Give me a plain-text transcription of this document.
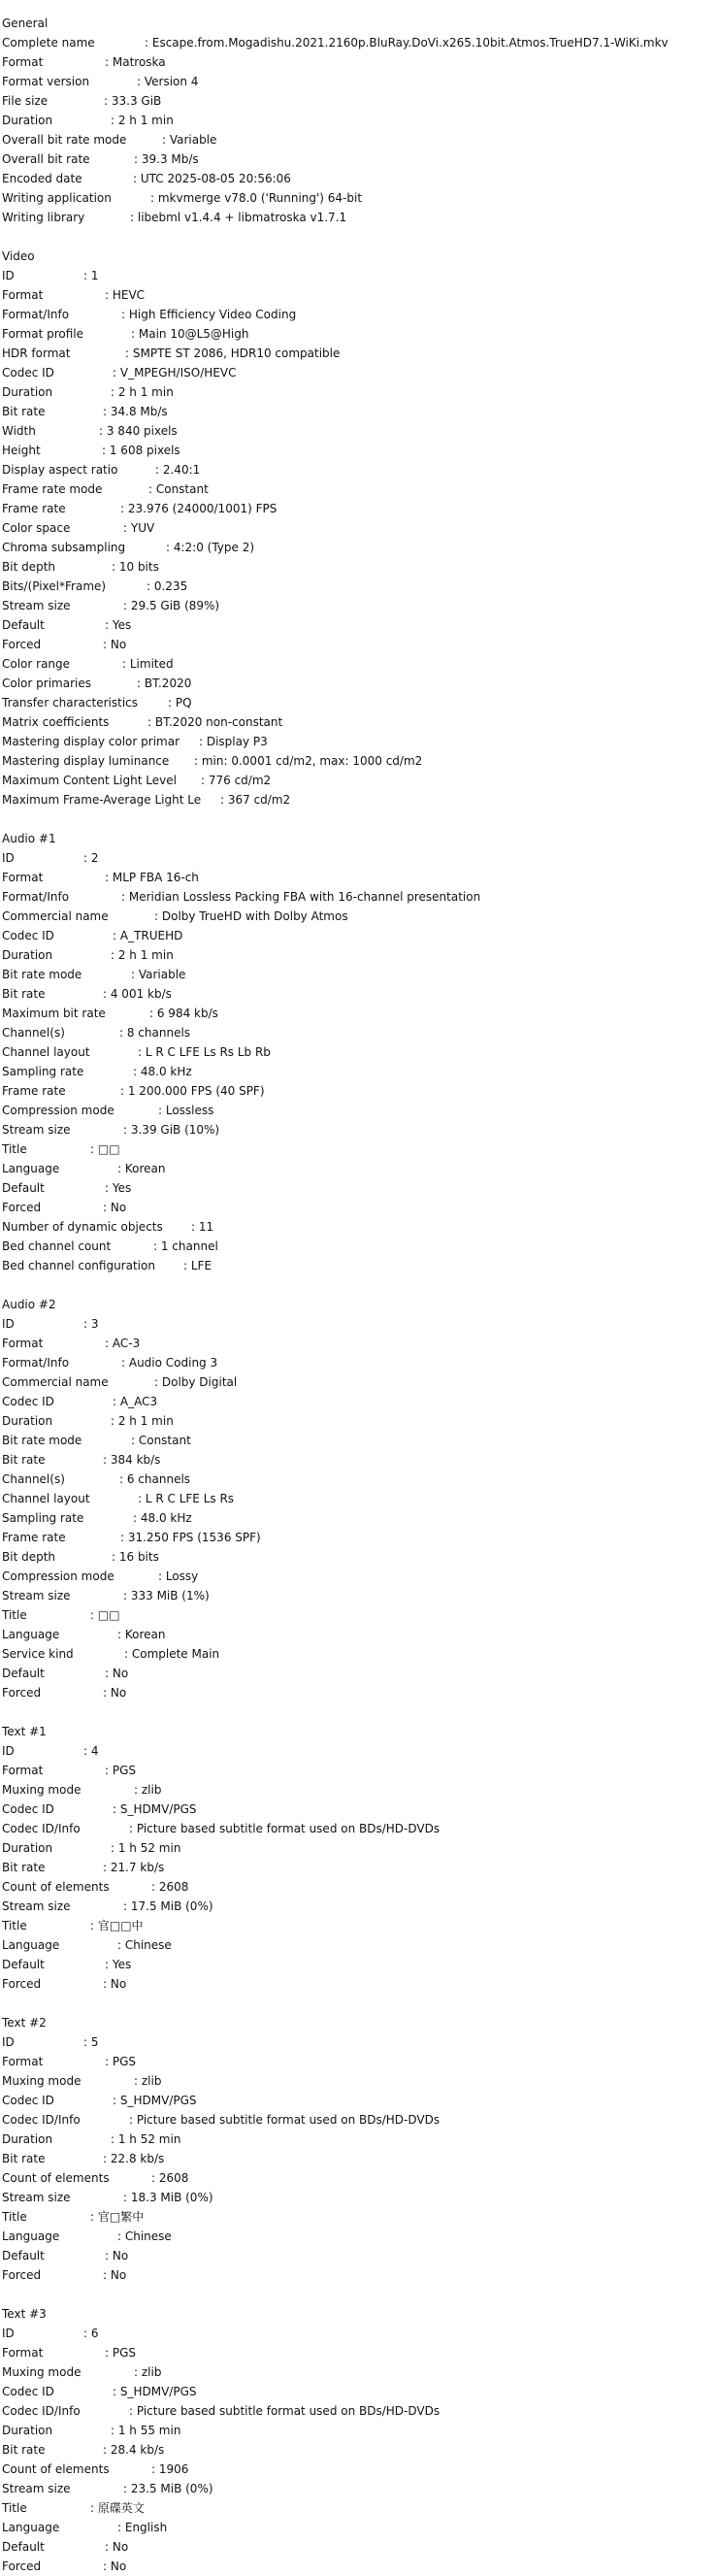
General
Complete name	: Escape.from.Mogadishu.2021.2160p.BluRay.DoVi.x265.10bit.Atmos.TrueHD7.1-WiKi.mkv
Format	: Matroska
Format version	: Version 4
File size	: 33.3 GiB
Duration	: 2 h 1 min
Overall bit rate mode	: Variable
Overall bit rate	: 39.3 Mb/s
Encoded date	: UTC 2025-08-05 20:56:06
Writing application	: mkvmerge v78.0 ('Running') 64-bit
Writing library	: libebml v1.4.4 + libmatroska v1.7.1
Video
ID	: 1
Format	: HEVC
Format/Info	: High Efficiency Video Coding
Format profile	: Main 10@L5@High
HDR format	: SMPTE ST 2086, HDR10 compatible
Codec ID	: V_MPEGH/ISO/HEVC
Duration	: 2 h 1 min
Bit rate	: 34.8 Mb/s
Width	: 3 840 pixels
Height	: 1 608 pixels
Display aspect ratio	: 2.40:1
Frame rate mode	: Constant
Frame rate	: 23.976 (24000/1001) FPS
Color space	: YUV
Chroma subsampling	: 4:2:0 (Type 2)
Bit depth	: 10 bits
Bits/(Pixel*Frame)	: 0.235
Stream size	: 29.5 GiB (89%)
Default	: Yes
Forced	: No
Color range	: Limited
Color primaries	: BT.2020
Transfer characteristics	: PQ
Matrix coefficients	: BT.2020 non-constant
Mastering display color primar : Display P3
Mastering display luminance : min: 0.0001 cd/m2, max: 1000 cd/m2
Maximum Content Light Level : 776 cd/m2
Maximum Frame-Average Light Le : 367 cd/m2
Audio #1
ID	: 2
Format	: MLP FBA 16-ch
Format/Info	: Meridian Lossless Packing FBA with 16-channel presentation
Commercial name	: Dolby TrueHD with Dolby Atmos
Codec ID	: A_TRUEHD
Duration	: 2 h 1 min
Bit rate mode	: Variable
Bit rate	: 4 001 kb/s
Maximum bit rate	: 6 984 kb/s
Channel(s)	: 8 channels
Channel layout	: L R C LFE Ls Rs Lb Rb
Sampling rate	: 48.0 kHz
Frame rate	: 1 200.000 FPS (40 SPF)
Compression mode	: Lossless
Stream size	: 3.39 GiB (10%)
Title	: □□
Language	: Korean
Default	: Yes
Forced	: No
Number of dynamic objects : 11
Bed channel count	: 1 channel
Bed channel configuration : LFE
Audio #2
ID	: 3
Format	: AC-3
Format/Info	: Audio Coding 3
Commercial name	: Dolby Digital
Codec ID	: A_AC3
Duration	: 2 h 1 min
Bit rate mode	: Constant
Bit rate	: 384 kb/s
Channel(s)	: 6 channels
Channel layout	: L R C LFE Ls Rs
Sampling rate	: 48.0 kHz
Frame rate	: 31.250 FPS (1536 SPF)
Bit depth	: 16 bits
Compression mode	: Lossy
Stream size	: 333 MiB (1%)
Title	: □□
Language	: Korean
Service kind	: Complete Main
Default	: No
Forced	: No
Text #1
ID	: 4
Format	: PGS
Muxing mode	: zlib
Codec ID	: S_HDMV/PGS
Codec ID/Info	: Picture based subtitle format used on BDs/HD-DVDs
Duration	: 1 h 52 min
Bit rate	: 21.7 kb/s
Count of elements	: 2608
Stream size	: 17.5 MiB (0%)
Title	: 官□□中
Language	: Chinese
Default	: Yes
Forced	: No
Text #2
ID	: 5
Format	: PGS
Muxing mode	: zlib
Codec ID	: S_HDMV/PGS
Codec ID/Info	: Picture based subtitle format used on BDs/HD-DVDs
Duration	: 1 h 52 min
Bit rate	: 22.8 kb/s
Count of elements	: 2608
Stream size	: 18.3 MiB (0%)
Title	: 官□繁中
Language	: Chinese
Default	: No
Forced	: No
Text #3
ID	: 6
Format	: PGS
Muxing mode	: zlib
Codec ID	: S_HDMV/PGS
Codec ID/Info	: Picture based subtitle format used on BDs/HD-DVDs
Duration	: 1 h 55 min
Bit rate	: 28.4 kb/s
Count of elements	: 1906
Stream size	: 23.5 MiB (0%)
Title	: 原碟英文
Language	: English
Default	: No
Forced	: No
